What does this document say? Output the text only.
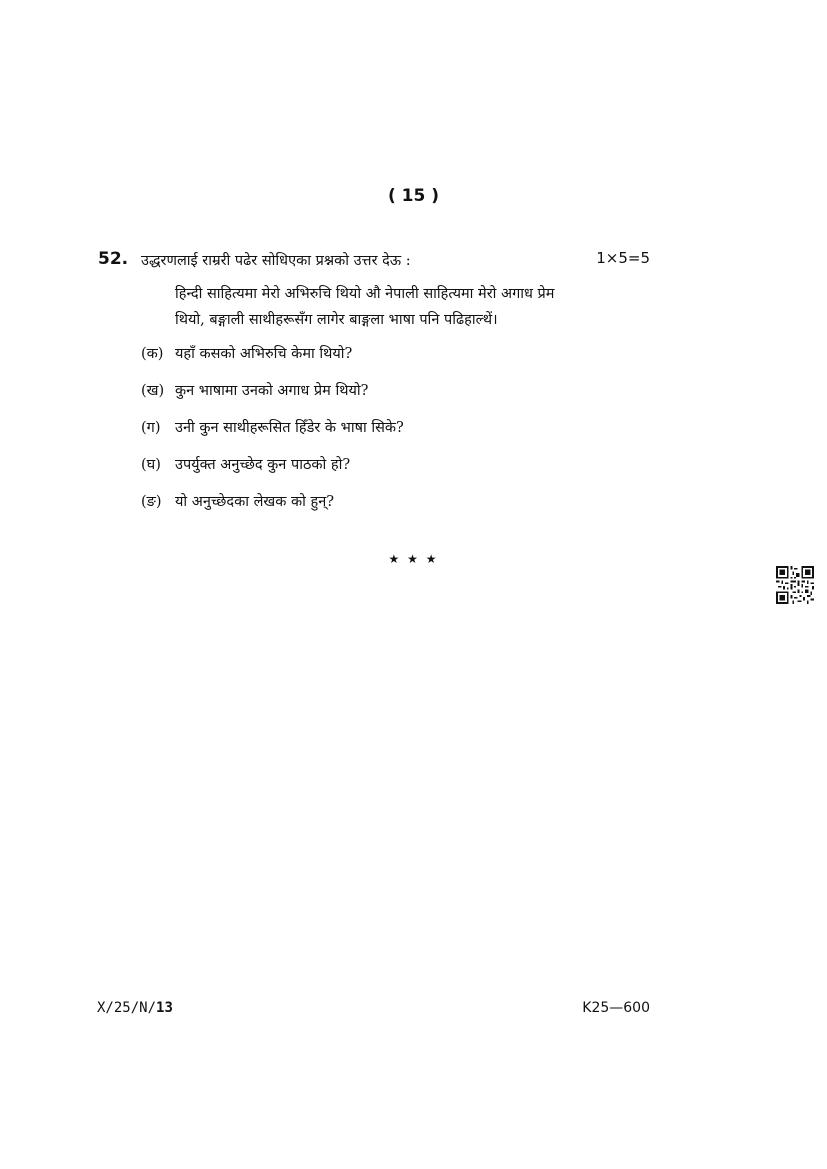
( 15 )
52. उद्धरणलाई राम्ररी पढेर सोधिएका प्रश्नको उत्तर देऊ :	1×5=5
हिन्दी साहित्यमा मेरो अभिरुचि थियो औ नेपाली साहित्यमा मेरो अगाध प्रेम
थियो, बङ्गाली साथीहरूसँग लागेर बाङ्गला भाषा पनि पढिहाल्थें।
(क) यहाँ कसको अभिरुचि केमा थियो?
(ख) कुन भाषामा उनको अगाध प्रेम थियो?
(ग) उनी कुन साथीहरूसित हिँडेर के भाषा सिके?
(घ) उपर्युक्त अनुच्छेद कुन पाठको हो?
(ङ) यो अनुच्छेदका लेखक को हुन्?
★ ★ ★
X/25/N/13	K25—600
